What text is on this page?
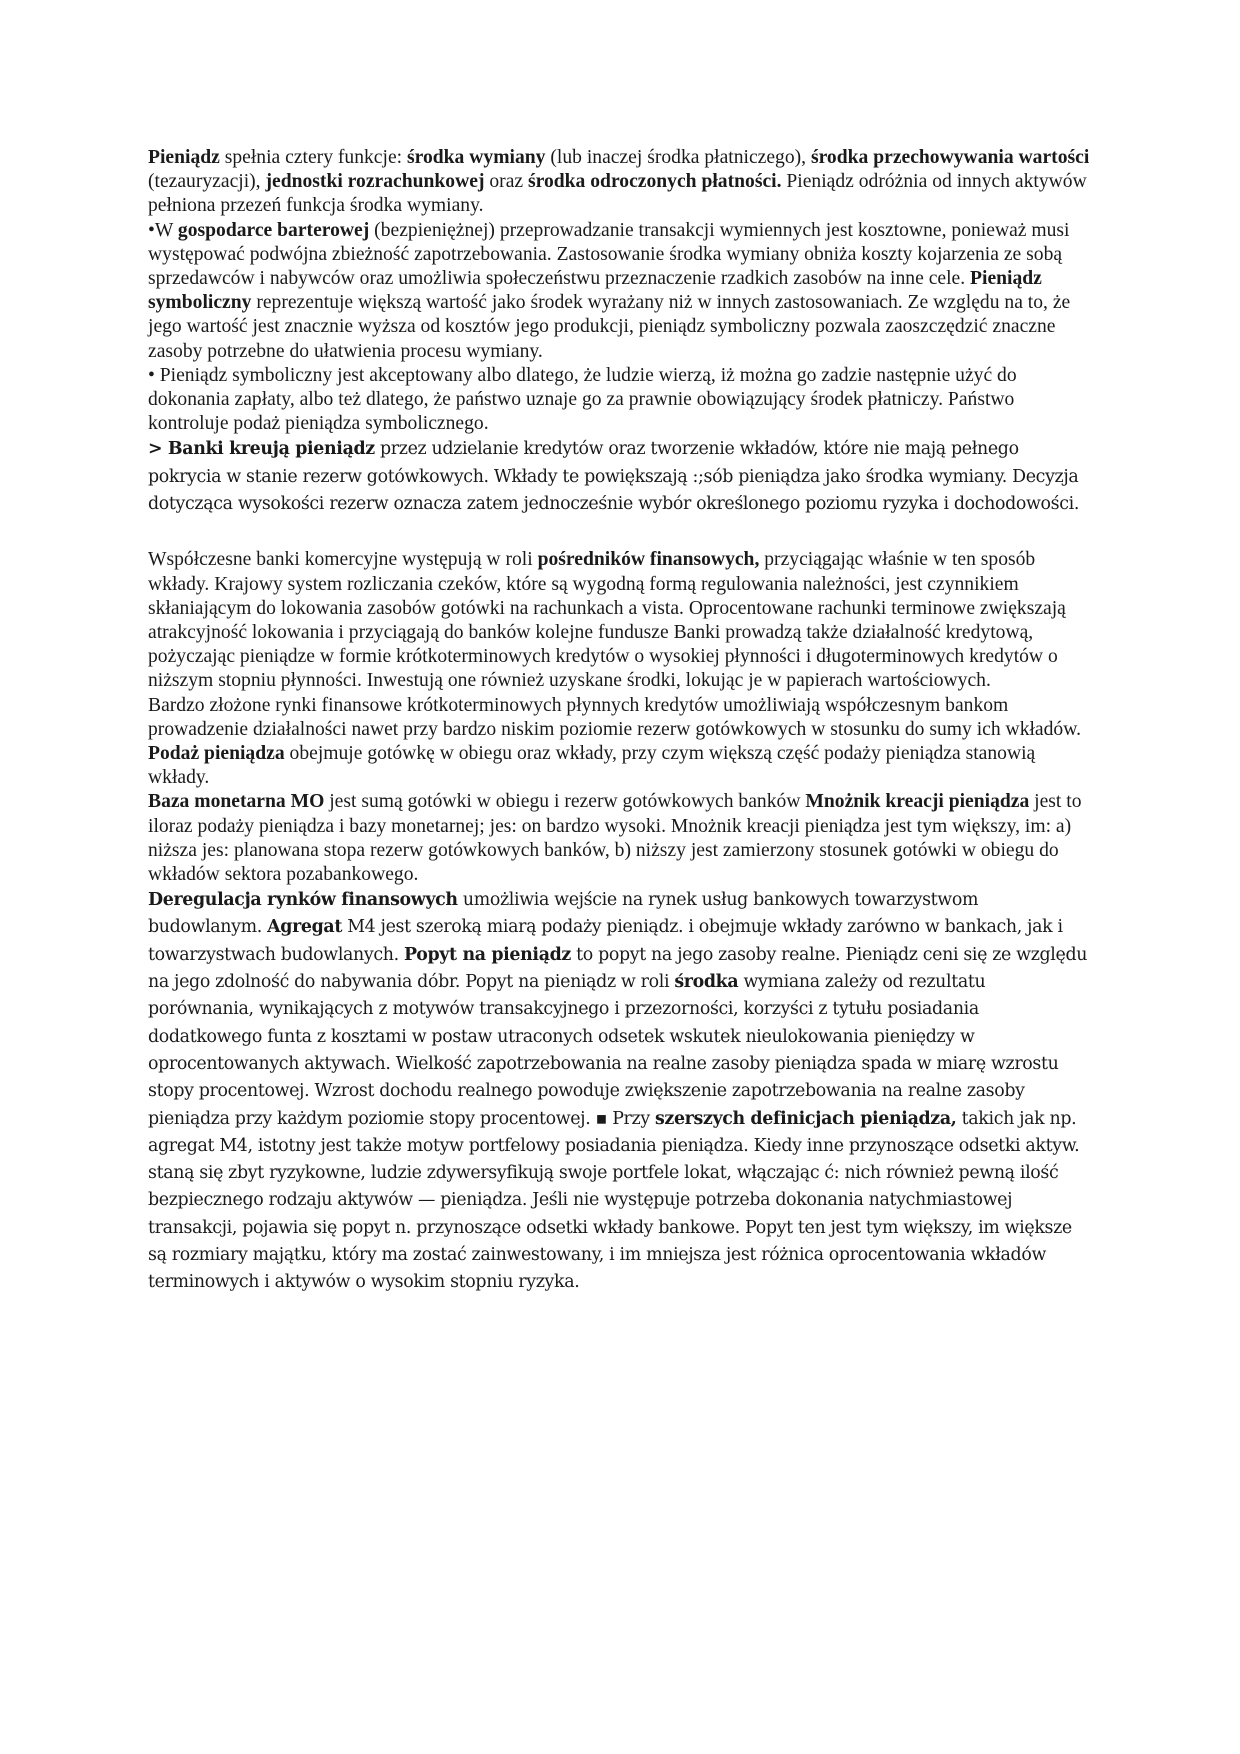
Pieniądz spełnia cztery funkcje: środka wymiany (lub inaczej środka płatniczego), środka przechowywania wartości (tezauryzacji), jednostki rozrachunkowej oraz środka odroczonych płatności. Pieniądz odróżnia od innych aktywów pełniona przezeń funkcja środka wymiany.

•W gospodarce barterowej (bezpieniężnej) przeprowadzanie transakcji wymiennych jest kosztowne, ponieważ musi występować podwójna zbieżność zapotrzebowania. Zastosowanie środka wymiany obniża koszty kojarzenia ze sobą sprzedawców i nabywców oraz umożliwia społeczeństwu przeznaczenie rzadkich zasobów na inne cele. Pieniądz symboliczny reprezentuje większą wartość jako środek wyrażany niż w innych zastosowaniach. Ze względu na to, że jego wartość jest znacznie wyższa od kosztów jego produkcji, pieniądz symboliczny pozwala zaoszczędzić znaczne zasoby potrzebne do ułatwienia procesu wymiany.

• Pieniądz symboliczny jest akceptowany albo dlatego, że ludzie wierzą, iż można go zadzie następnie użyć do dokonania zapłaty, albo też dlatego, że państwo uznaje go za prawnie obowiązujący środek płatniczy. Państwo kontroluje podaż pieniądza symbolicznego.

> Banki kreują pieniądz przez udzielanie kredytów oraz tworzenie wkładów, które nie mają pełnego pokrycia w stanie rezerw gotówkowych. Wkłady te powiększają :;sób pieniądza jako środka wymiany. Decyzja dotycząca wysokości rezerw oznacza zatem jednocześnie wybór określonego poziomu ryzyka i dochodowości.

Współczesne banki komercyjne występują w roli pośredników finansowych, przyciągając właśnie w ten sposób wkłady. Krajowy system rozliczania czeków, które są wygodną formą regulowania należności, jest czynnikiem skłaniającym do lokowania zasobów gotówki na rachunkach a vista. Oprocentowane rachunki terminowe zwiększają atrakcyjność lokowania i przyciągają do banków kolejne fundusze Banki prowadzą także działalność kredytową, pożyczając pieniądze w formie krótkoterminowych kredytów o wysokiej płynności i długoterminowych kredytów o niższym stopniu płynności. Inwestują one również uzyskane środki, lokując je w papierach wartościowych.

Bardzo złożone rynki finansowe krótkoterminowych płynnych kredytów umożliwiają współczesnym bankom prowadzenie działalności nawet przy bardzo niskim poziomie rezerw gotówkowych w stosunku do sumy ich wkładów. Podaż pieniądza obejmuje gotówkę w obiegu oraz wkłady, przy czym większą część podaży pieniądza stanowią wkłady.

Baza monetarna MO jest sumą gotówki w obiegu i rezerw gotówkowych banków Mnożnik kreacji pieniądza jest to iloraz podaży pieniądza i bazy monetarnej; jes: on bardzo wysoki. Mnożnik kreacji pieniądza jest tym większy, im: a) niższa jes: planowana stopa rezerw gotówkowych banków, b) niższy jest zamierzony stosunek gotówki w obiegu do wkładów sektora pozabankowego.

Deregulacja rynków finansowych umożliwia wejście na rynek usług bankowych towarzystwom budowlanym. Agregat M4 jest szeroką miarą podaży pieniądz. i obejmuje wkłady zarówno w bankach, jak i towarzystwach budowlanych. Popyt na pieniądz to popyt na jego zasoby realne. Pieniądz ceni się ze względu na jego zdolność do nabywania dóbr. Popyt na pieniądz w roli środka wymiana zależy od rezultatu porównania, wynikających z motywów transakcyjnego i przezorności, korzyści z tytułu posiadania dodatkowego funta z kosztami w postaw utraconych odsetek wskutek nieulokowania pieniędzy w oprocentowanych aktywach. Wielkość zapotrzebowania na realne zasoby pieniądza spada w miarę wzrostu stopy procentowej. Wzrost dochodu realnego powoduje zwiększenie zapotrzebowania na realne zasoby pieniądza przy każdym poziomie stopy procentowej. ▪ Przy szerszych definicjach pieniądza, takich jak np. agregat M4, istotny jest także motyw portfelowy posiadania pieniądza. Kiedy inne przynoszące odsetki aktyw. staną się zbyt ryzykowne, ludzie zdywersyfikują swoje portfele lokat, włączając ć: nich również pewną ilość bezpiecznego rodzaju aktywów — pieniądza. Jeśli nie występuje potrzeba dokonania natychmiastowej transakcji, pojawia się popyt n. przynoszące odsetki wkłady bankowe. Popyt ten jest tym większy, im większe są rozmiary majątku, który ma zostać zainwestowany, i im mniejsza jest różnica oprocentowania wkładów terminowych i aktywów o wysokim stopniu ryzyka.
